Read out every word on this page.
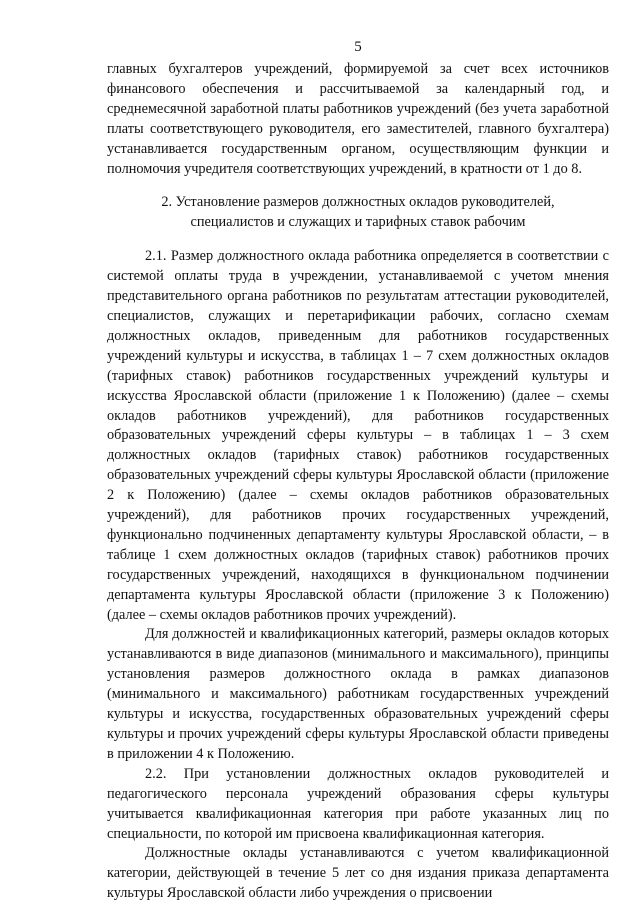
5

главных бухгалтеров учреждений, формируемой за счет всех источников финансового обеспечения и рассчитываемой за календарный год, и среднемесячной заработной платы работников учреждений (без учета заработной платы соответствующего руководителя, его заместителей, главного бухгалтера) устанавливается государственным органом, осуществляющим функции и полномочия учредителя соответствующих учреждений, в кратности от 1 до 8.

2. Установление размеров должностных окладов руководителей,
специалистов и служащих и тарифных ставок рабочим

2.1. Размер должностного оклада работника определяется в соответствии с системой оплаты труда в учреждении, устанавливаемой с учетом мнения представительного органа работников по результатам аттестации руководителей, специалистов, служащих и перетарификации рабочих, согласно схемам должностных окладов, приведенным для работников государственных учреждений культуры и искусства, в таблицах 1 – 7 схем должностных окладов (тарифных ставок) работников государственных учреждений культуры и искусства Ярославской области (приложение 1 к Положению) (далее – схемы окладов работников учреждений), для работников государственных образовательных учреждений сферы культуры – в таблицах 1 – 3 схем должностных окладов (тарифных ставок) работников государственных образовательных учреждений сферы культуры Ярославской области (приложение 2 к Положению) (далее – схемы окладов работников образовательных учреждений), для работников прочих государственных учреждений, функционально подчиненных департаменту культуры Ярославской области, – в таблице 1 схем должностных окладов (тарифных ставок) работников прочих государственных учреждений, находящихся в функциональном подчинении департамента культуры Ярославской области (приложение 3 к Положению) (далее – схемы окладов работников прочих учреждений).

Для должностей и квалификационных категорий, размеры окладов которых устанавливаются в виде диапазонов (минимального и максимального), принципы установления размеров должностного оклада в рамках диапазонов (минимального и максимального) работникам государственных учреждений культуры и искусства, государственных образовательных учреждений сферы культуры и прочих учреждений сферы культуры Ярославской области приведены в приложении 4 к Положению.

2.2. При установлении должностных окладов руководителей и педагогического персонала учреждений образования сферы культуры учитывается квалификационная категория при работе указанных лиц по специальности, по которой им присвоена квалификационная категория.

Должностные оклады устанавливаются с учетом квалификационной категории, действующей в течение 5 лет со дня издания приказа департамента культуры Ярославской области либо учреждения о присвоении
